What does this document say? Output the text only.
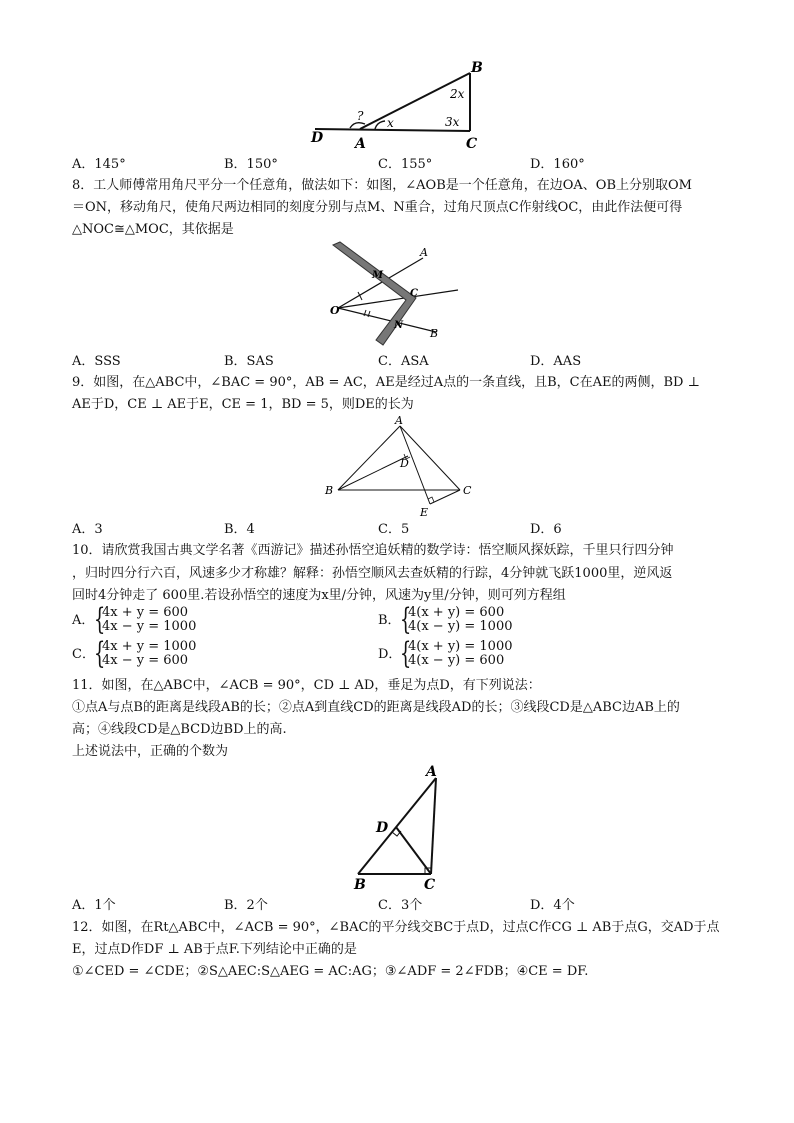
B
C
A
D
x
2x
3x
?
A．145°	B．150°	C．155°	D．160°
8．工人师傅常用角尺平分一个任意角，做法如下：如图，∠AOB是一个任意角，在边OA、OB上分别取OM
＝ON，移动角尺，使角尺两边相同的刻度分别与点M、N重合，过角尺顶点C作射线OC，由此作法便可得
△NOC≅△MOC，其依据是
A
B
O
M
N
C
A．SSS	B．SAS	C．ASA	D．AAS
9．如图，在△ABC中，∠BAC = 90°，AB = AC，AE是经过A点的一条直线，且B，C在AE的两侧，BD ⊥
AE于D，CE ⊥ AE于E，CE = 1，BD = 5，则DE的长为
A
B	C
D
E
A．3	B．4	C．5	D．6
10．请欣赏我国古典文学名著《西游记》描述孙悟空追妖精的数学诗：悟空顺风探妖踪，千里只行四分钟
，归时四分行六百，风速多少才称雄？解释：孙悟空顺风去查妖精的行踪，4分钟就飞跃1000里，逆风返
回时4分钟走了 600里.若设孙悟空的速度为x里/分钟，风速为y里/分钟，则可列方程组
A． {
4x + y = 600
4x − y = 1000	B． {
4(x + y) = 600
4(x − y) = 1000
C．
{
4x + y = 1000
4x − y = 600	D．
{
4(x + y) = 1000
4(x − y) = 600
11．如图，在△ABC中，∠ACB = 90°，CD ⊥ AD，垂足为点D，有下列说法：
①点A与点B的距离是线段AB的长；②点A到直线CD的距离是线段AD的长；③线段CD是△ABC边AB上的
高；④线段CD是△BCD边BD上的高.
上述说法中，正确的个数为
A
B	C
D
A．1个	B．2个	C．3个	D．4个
12．如图，在Rt△ABC中，∠ACB = 90°，∠BAC的平分线交BC于点D，过点C作CG ⊥ AB于点G，交AD于点
E，过点D作DF ⊥ AB于点F.下列结论中正确的是
①∠CED = ∠CDE；②S△AEC:S△AEG = AC:AG；③∠ADF = 2∠FDB；④CE = DF.
